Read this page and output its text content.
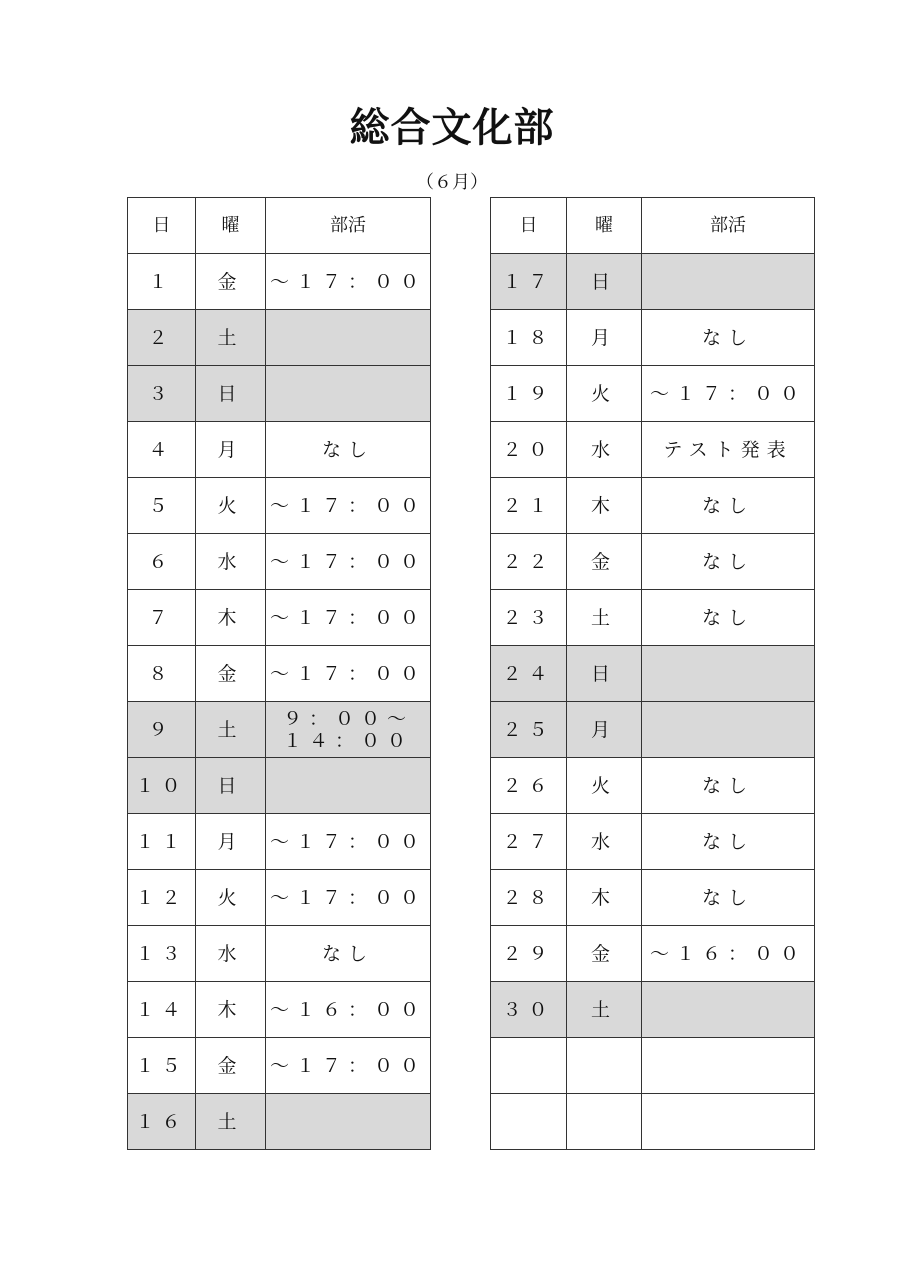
総合文化部
（６月）
日	曜	部活
１	金	～１７：００
２	土	
３	日	
４	月	なし
５	火	～１７：００
６	水	～１７：００
７	木	～１７：００
８	金	～１７：００
９	土	９：００～
１４：００
１０	日	
１１	月	～１７：００
１２	火	～１７：００
１３	水	なし
１４	木	～１６：００
１５	金	～１７：００
１６	土	
日	曜	部活
１７	日	
１８	月	なし
１９	火	～１７：００
２０	水	テスト発表
２１	木	なし
２２	金	なし
２３	土	なし
２４	日	
２５	月	
２６	火	なし
２７	水	なし
２８	木	なし
２９	金	～１６：００
３０	土	
